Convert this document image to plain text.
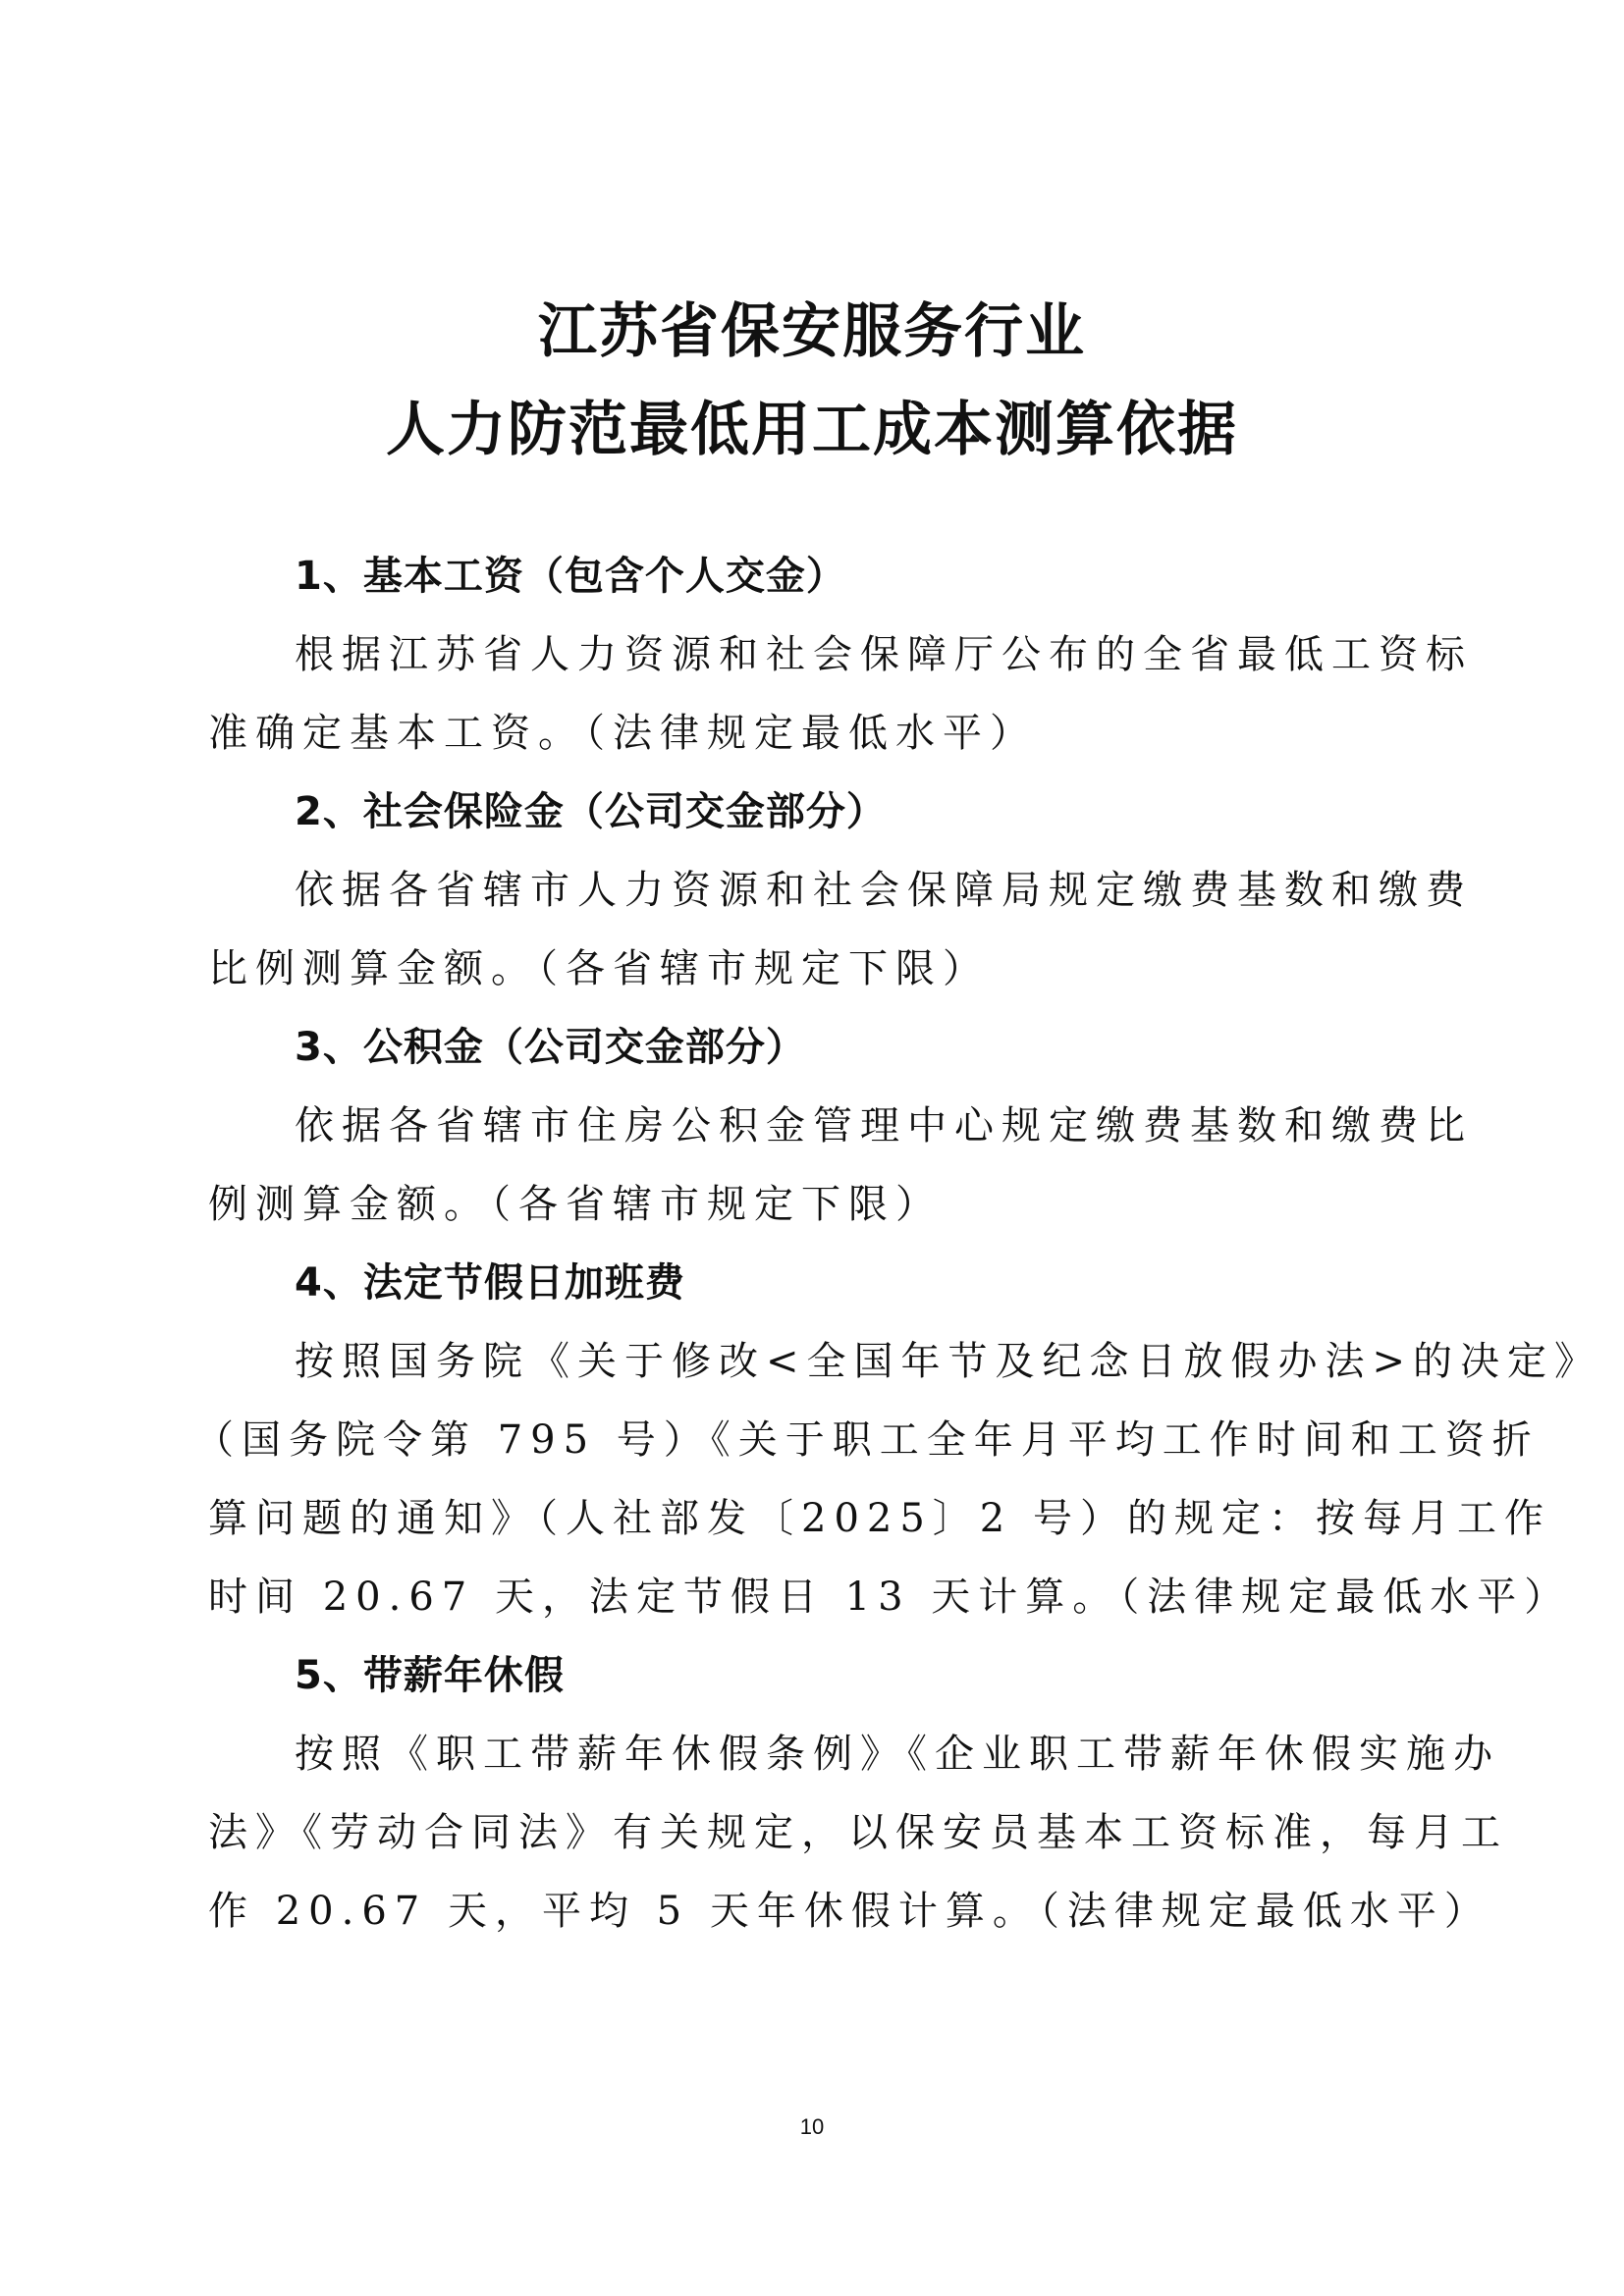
江苏省保安服务行业
人力防范最低用工成本测算依据
1、基本工资（包含个人交金）
根据江苏省人力资源和社会保障厅公布的全省最低工资标
准确定基本工资。（法律规定最低水平）
2、社会保险金（公司交金部分）
依据各省辖市人力资源和社会保障局规定缴费基数和缴费
比例测算金额。（各省辖市规定下限）
3、公积金（公司交金部分）
依据各省辖市住房公积金管理中心规定缴费基数和缴费比
例测算金额。（各省辖市规定下限）
4、法定节假日加班费
按照国务院《关于修改<全国年节及纪念日放假办法>的决定》
（国务院令第 795 号）《关于职工全年月平均工作时间和工资折
算问题的通知》（人社部发〔2025〕2 号）的规定：按每月工作
时间 20.67 天，法定节假日 13 天计算。（法律规定最低水平）
5、带薪年休假
按照《职工带薪年休假条例》《企业职工带薪年休假实施办
法》《劳动合同法》有关规定，以保安员基本工资标准，每月工
作 20.67 天，平均 5 天年休假计算。（法律规定最低水平）
10
